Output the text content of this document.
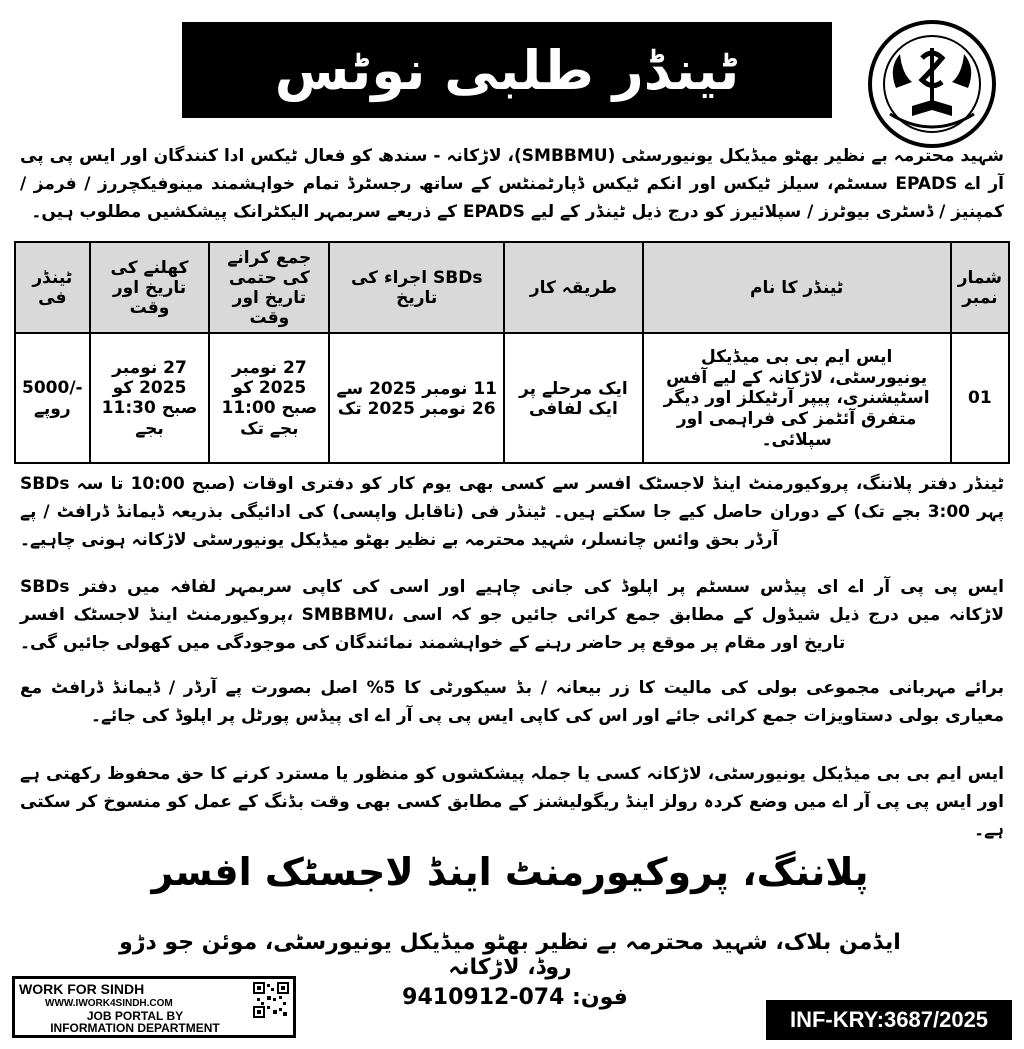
ٹینڈر طلبی نوٹس
شہید محترمہ بے نظیر بھٹو میڈیکل یونیورسٹی (SMBBMU)، لاڑکانہ - سندھ کو فعال ٹیکس ادا کنندگان اور ایس پی پی آر اے EPADS سسٹم، سیلز ٹیکس اور انکم ٹیکس ڈپارٹمنٹس کے ساتھ رجسٹرڈ تمام خواہشمند مینوفیکچررز / فرمز / کمپنیز / ڈسٹری بیوٹرز / سپلائیرز کو درج ذیل ٹینڈر کے لیے EPADS کے ذریعے سربمہر الیکٹرانک پیشکشیں مطلوب ہیں۔
شمار نمبر	ٹینڈر کا نام	طریقہ کار	SBDs اجراء کی تاریخ	جمع کرانے کی حتمی تاریخ اور وقت	کھلنے کی تاریخ اور وقت	ٹینڈر فی
01	ایس ایم بی بی میڈیکل یونیورسٹی، لاڑکانہ کے لیے آفس اسٹیشنری، پیپر آرٹیکلز اور دیگر متفرق آئٹمز کی فراہمی اور سپلائی۔	ایک مرحلے پر ایک لفافی	11 نومبر 2025 سے 26 نومبر 2025 تک	27 نومبر 2025 کو صبح 11:00 بجے تک	27 نومبر 2025 کو صبح 11:30 بجے	-/5000 روپے
SBDs ٹینڈر دفتر پلاننگ، پروکیورمنٹ اینڈ لاجسٹک افسر سے کسی بھی یوم کار کو دفتری اوقات (صبح 10:00 تا سہ پہر 3:00 بجے تک) کے دوران حاصل کیے جا سکتے ہیں۔ ٹینڈر فی (ناقابل واپسی) کی ادائیگی بذریعہ ڈیمانڈ ڈرافٹ / پے آرڈر بحق وائس چانسلر، شہید محترمہ بے نظیر بھٹو میڈیکل یونیورسٹی لاڑکانہ ہونی چاہیے۔
SBDs ایس پی پی آر اے ای پیڈس سسٹم پر اپلوڈ کی جانی چاہیے اور اسی کی کاپی سربمہر لفافہ میں دفتر پروکیورمنٹ اینڈ لاجسٹک افسر، SMBBMU، لاڑکانہ میں درج ذیل شیڈول کے مطابق جمع کرائی جائیں جو کہ اسی تاریخ اور مقام پر موقع پر حاضر رہنے کے خواہشمند نمائندگان کی موجودگی میں کھولی جائیں گی۔
برائے مہربانی مجموعی بولی کی مالیت کا زر بیعانہ / بڈ سیکورٹی کا 5% اصل بصورت پے آرڈر / ڈیمانڈ ڈرافٹ مع معیاری بولی دستاویزات جمع کرائی جائے اور اس کی کاپی ایس پی پی آر اے ای پیڈس پورٹل پر اپلوڈ کی جائے۔
ایس ایم بی بی میڈیکل یونیورسٹی، لاڑکانہ کسی یا جملہ پیشکشوں کو منظور یا مسترد کرنے کا حق محفوظ رکھتی ہے اور ایس پی پی آر اے میں وضع کردہ رولز اینڈ ریگولیشنز کے مطابق کسی بھی وقت بڈنگ کے عمل کو منسوخ کر سکتی ہے۔
پلاننگ، پروکیورمنٹ اینڈ لاجسٹک افسر
ایڈمن بلاک، شہید محترمہ بے نظیر بھٹو میڈیکل یونیورسٹی، موئن جو دڑو روڈ، لاڑکانہ
فون: 074-9410912
WORK FOR SINDH
WWW.IWORK4SINDH.COM
JOB PORTAL BY
INFORMATION DEPARTMENT	INF-KRY:3687/2025
